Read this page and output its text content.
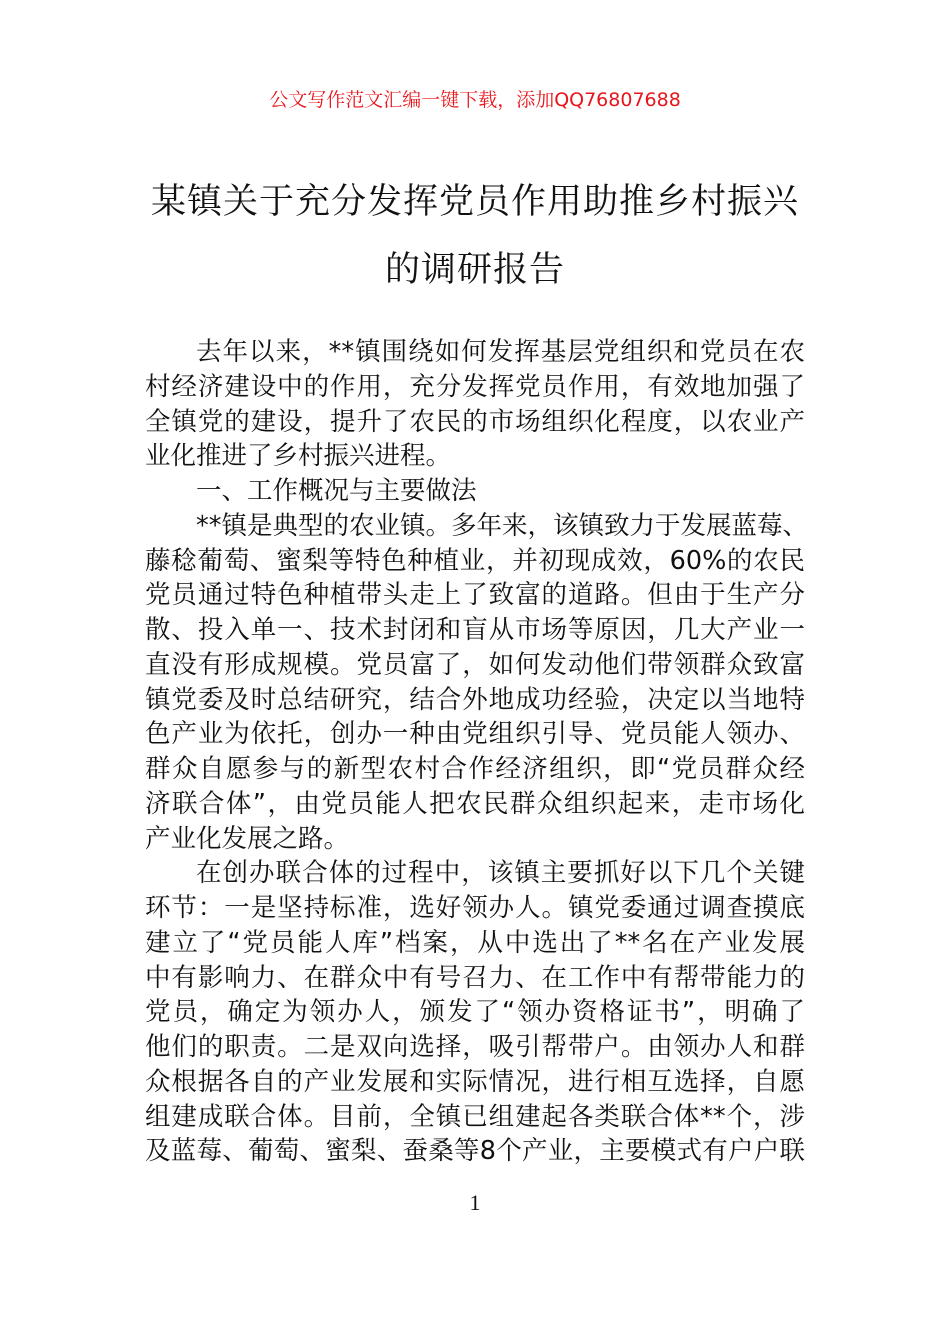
公文写作范文汇编一键下载，添加QQ76807688
某镇关于充分发挥党员作用助推乡村振兴
的调研报告
去年以来，**镇围绕如何发挥基层党组织和党员在农
村经济建设中的作用，充分发挥党员作用，有效地加强了
全镇党的建设，提升了农民的市场组织化程度，以农业产
业化推进了乡村振兴进程。
一、工作概况与主要做法
**镇是典型的农业镇。多年来，该镇致力于发展蓝莓、
藤稔葡萄、蜜梨等特色种植业，并初现成效，60%的农民
党员通过特色种植带头走上了致富的道路。但由于生产分
散、投入单一、技术封闭和盲从市场等原因，几大产业一
直没有形成规模。党员富了，如何发动他们带领群众致富
镇党委及时总结研究，结合外地成功经验，决定以当地特
色产业为依托，创办一种由党组织引导、党员能人领办、
群众自愿参与的新型农村合作经济组织，即“党员群众经
济联合体”，由党员能人把农民群众组织起来，走市场化
产业化发展之路。
在创办联合体的过程中，该镇主要抓好以下几个关键
环节：一是坚持标准，选好领办人。镇党委通过调查摸底
建立了“党员能人库”档案，从中选出了**名在产业发展
中有影响力、在群众中有号召力、在工作中有帮带能力的
党员，确定为领办人，颁发了“领办资格证书”，明确了
他们的职责。二是双向选择，吸引帮带户。由领办人和群
众根据各自的产业发展和实际情况，进行相互选择，自愿
组建成联合体。目前，全镇已组建起各类联合体**个，涉
及蓝莓、葡萄、蜜梨、蚕桑等8个产业，主要模式有户户联
1
